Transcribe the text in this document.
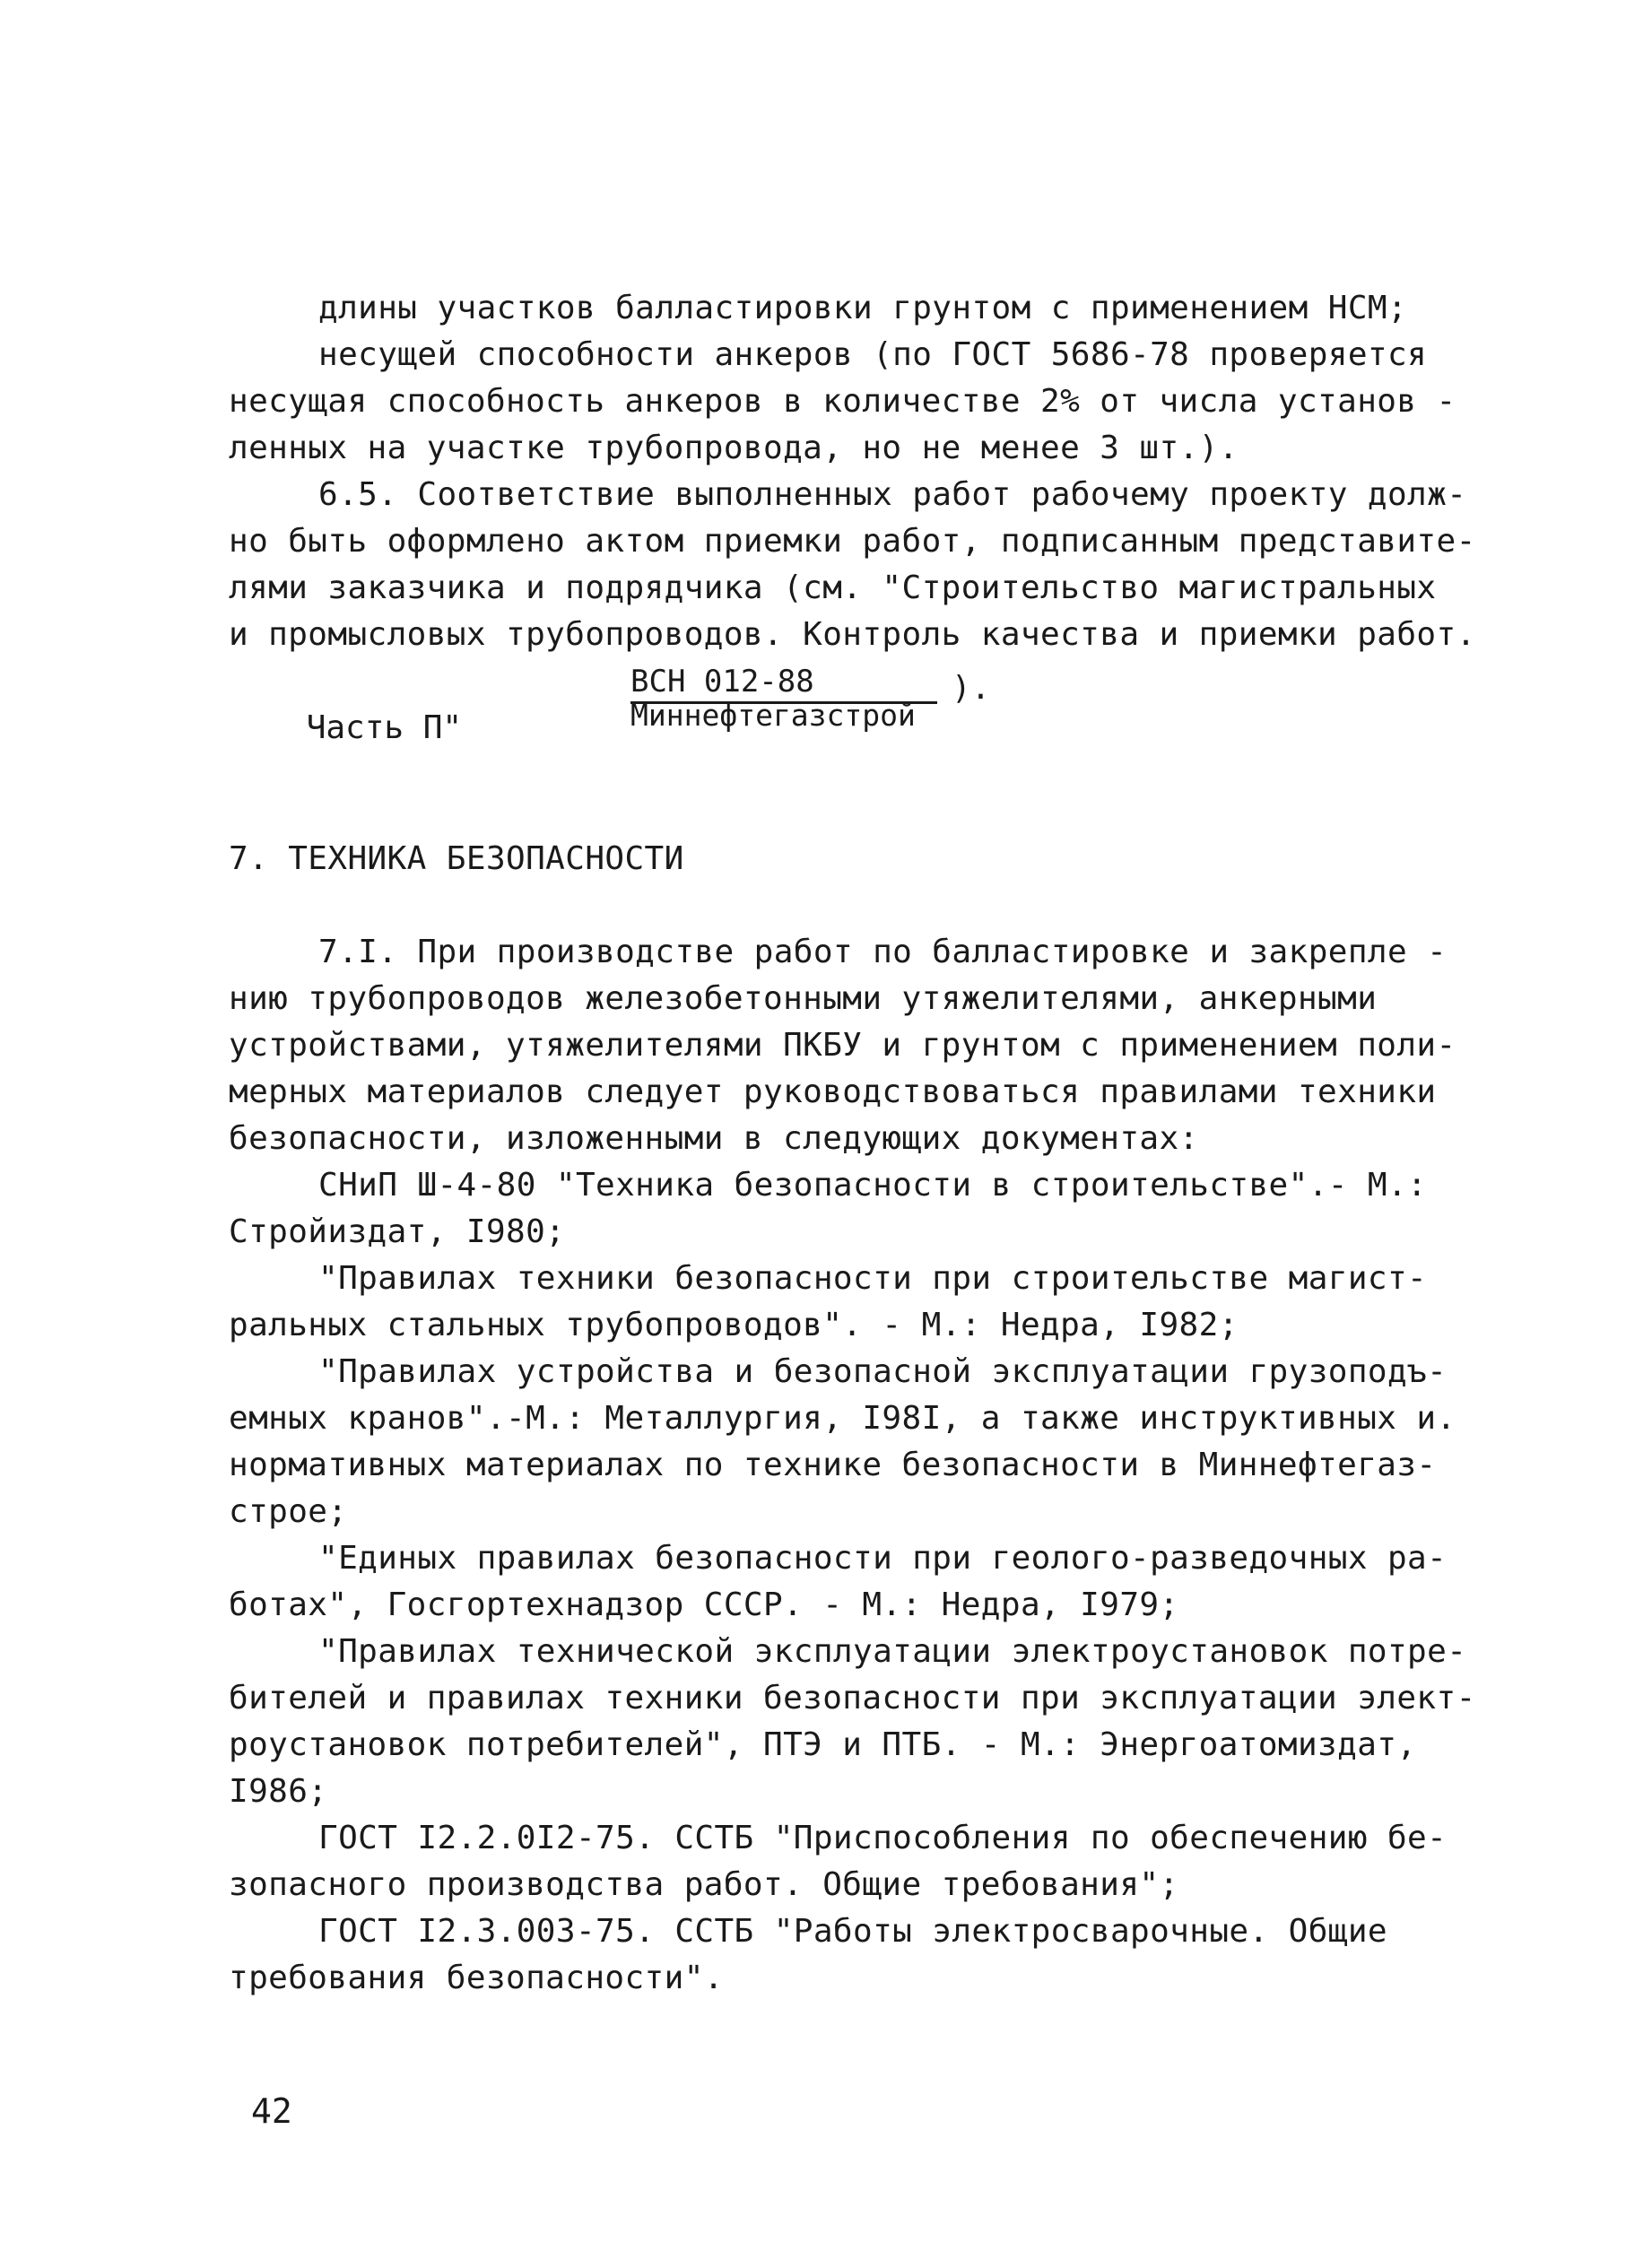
длины участков балластировки грунтом с применением НСМ;
несущей способности анкеров (по ГОСТ 5686-78 проверяется
несущая способность анкеров в количестве 2% от числа установ -
ленных на участке трубопровода, но не менее 3 шт.).
6.5. Соответствие выполненных работ рабочему проекту долж-
но быть оформлено актом приемки работ, подписанным представите-
лями заказчика и подрядчика (см. "Строительство магистральных
и промысловых трубопроводов. Контроль качества и приемки работ.

Часть П"

ВСН 012-88

Миннефтегазстрой

).

7. ТЕХНИКА БЕЗОПАСНОСТИ
7.I. При производстве работ по балластировке и закрепле -
нию трубопроводов железобетонными утяжелителями, анкерными
устройствами, утяжелителями ПКБУ и грунтом с применением поли-
мерных материалов следует руководствоваться правилами техники
безопасности, изложенными в следующих документах:
СНиП Ш-4-80 "Техника безопасности в строительстве".- М.:
Стройиздат, I980;
"Правилах техники безопасности при строительстве магист-
ральных стальных трубопроводов". - М.: Недра, I982;
"Правилах устройства и безопасной эксплуатации грузоподъ-
емных кранов".-М.: Металлургия, I98I, а также инструктивных и.
нормативных материалах по технике безопасности в Миннефтегаз-
строе;
"Единых правилах безопасности при геолого-разведочных ра-
ботах", Госгортехнадзор СССР. - М.: Недра, I979;
"Правилах технической эксплуатации электроустановок потре-
бителей и правилах техники безопасности при эксплуатации элект-
роустановок потребителей", ПТЭ и ПТБ. - М.: Энергоатомиздат,
I986;
ГОСТ I2.2.0I2-75. ССТБ "Приспособления по обеспечению бе-
зопасного производства работ. Общие требования";
ГОСТ I2.3.003-75. ССТБ "Работы электросварочные. Общие
требования безопасности".
42
